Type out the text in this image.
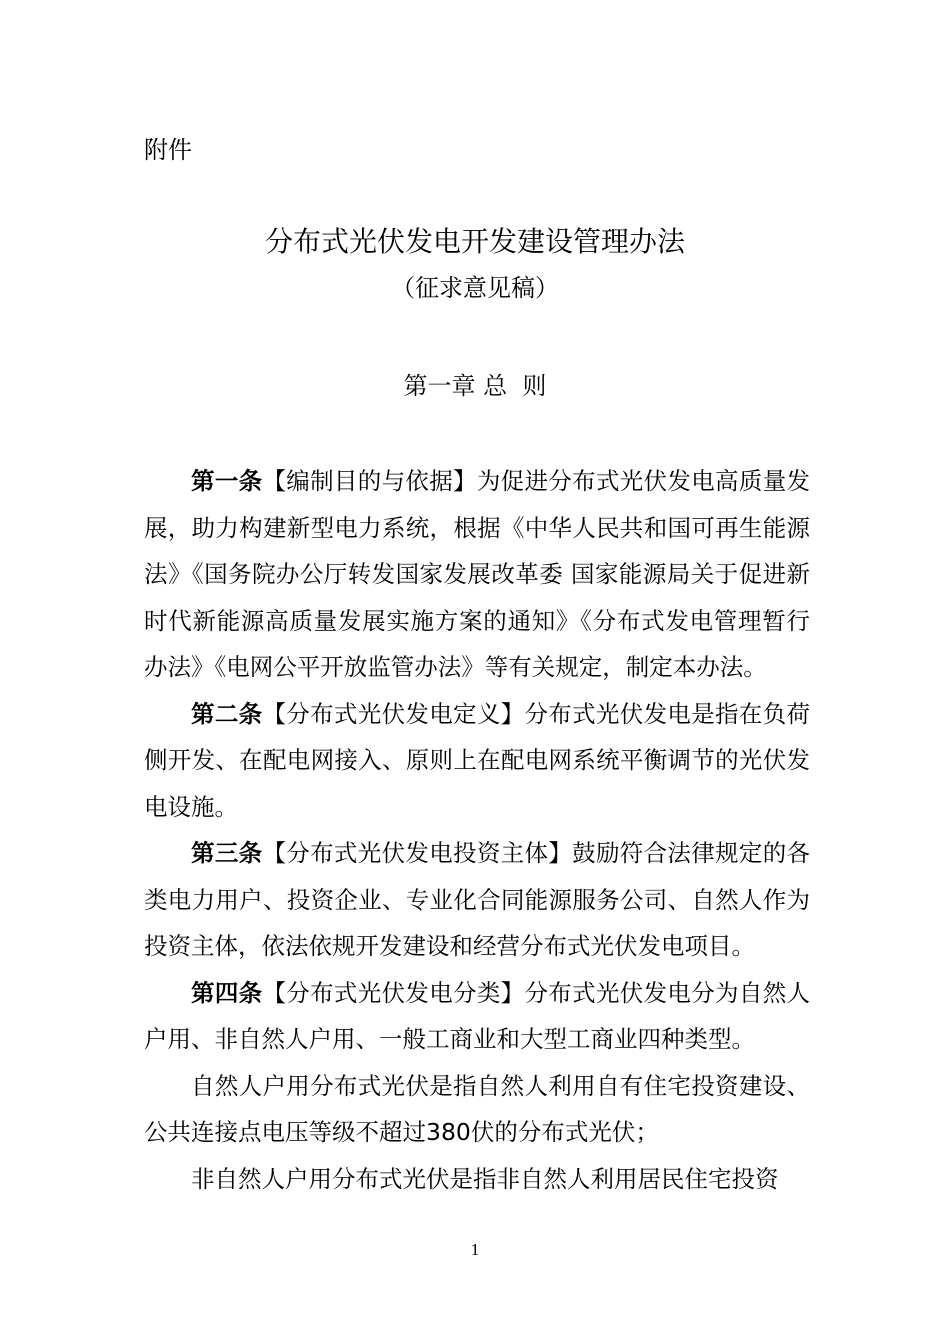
附件
分布式光伏发电开发建设管理办法
（征求意见稿）
第一章 总  则

第一条【编制目的与依据】为促进分布式光伏发电高质量发展，助力构建新型电力系统，根据《中华人民共和国可再生能源法》《国务院办公厅转发国家发展改革委 国家能源局关于促进新时代新能源高质量发展实施方案的通知》《分布式发电管理暂行办法》《电网公平开放监管办法》等有关规定，制定本办法。

第二条【分布式光伏发电定义】分布式光伏发电是指在负荷侧开发、在配电网接入、原则上在配电网系统平衡调节的光伏发电设施。

第三条【分布式光伏发电投资主体】鼓励符合法律规定的各类电力用户、投资企业、专业化合同能源服务公司、自然人作为投资主体，依法依规开发建设和经营分布式光伏发电项目。

第四条【分布式光伏发电分类】分布式光伏发电分为自然人户用、非自然人户用、一般工商业和大型工商业四种类型。

自然人户用分布式光伏是指自然人利用自有住宅投资建设、公共连接点电压等级不超过380伏的分布式光伏；

非自然人户用分布式光伏是指非自然人利用居民住宅投资

1
